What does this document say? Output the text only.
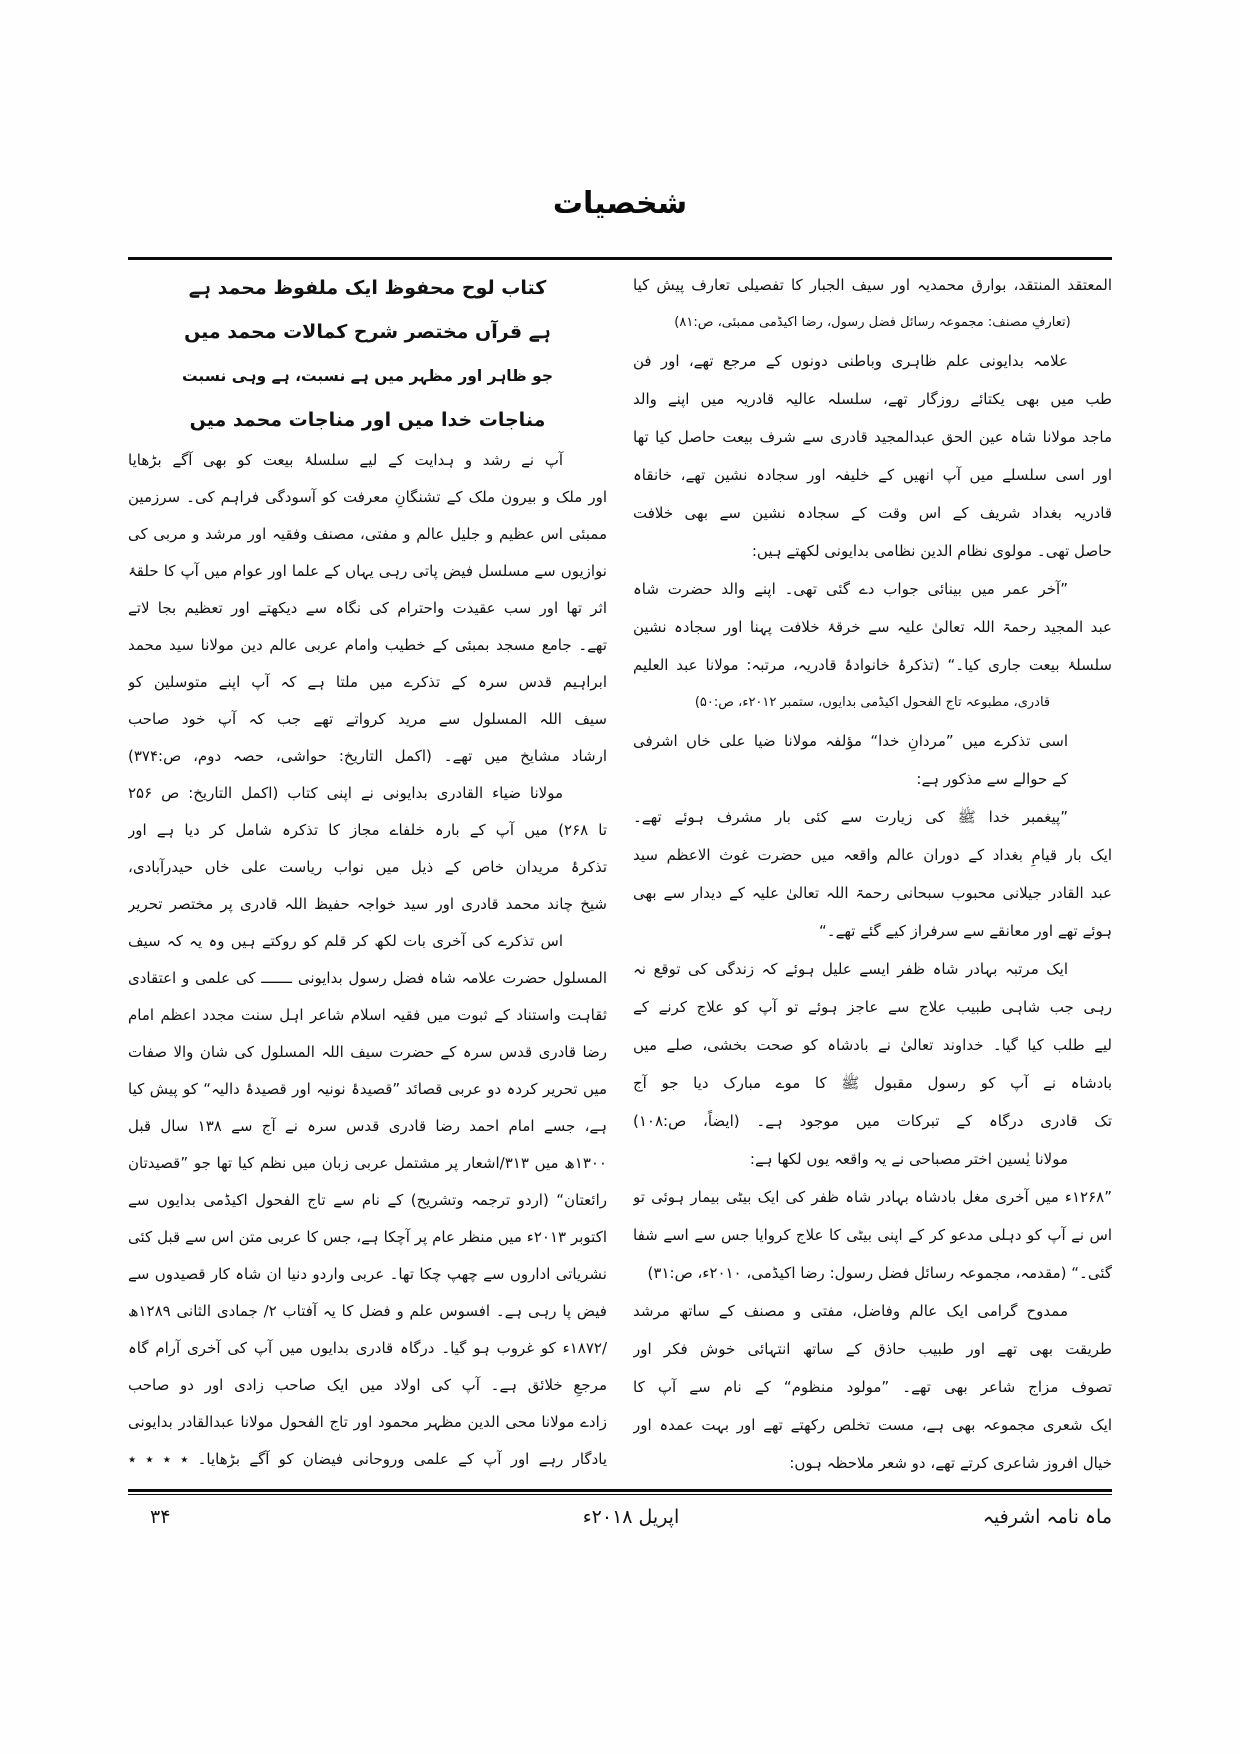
شخصیات
المعتقد المنتقد، بوارق محمدیہ اور سیف الجبار کا تفصیلی تعارف پیش کیا
(تعارفِ مصنف: مجموعہ رسائل فضل رسول، رضا اکیڈمی ممبئی، ص:۸۱)
علامہ بدایونی علم ظاہری وباطنی دونوں کے مرجع تھے، اور فن
طب میں بھی یکتائے روزگار تھے، سلسلہ عالیہ قادریہ میں اپنے والد
ماجد مولانا شاہ عین الحق عبدالمجید قادری سے شرف بیعت حاصل کیا تھا
اور اسی سلسلے میں آپ انھیں کے خلیفہ اور سجادہ نشین تھے، خانقاہ
قادریہ بغداد شریف کے اس وقت کے سجادہ نشین سے بھی خلافت
حاصل تھی۔ مولوی نظام الدین نظامی بدایونی لکھتے ہیں:
”آخر عمر میں بینائی جواب دے گئی تھی۔ اپنے والد حضرت شاہ
عبد المجید رحمۃ اللہ تعالیٰ علیہ سے خرقۂ خلافت پہنا اور سجادہ نشین
سلسلۂ بیعت جاری کیا۔“ (تذکرۂ خانوادۂ قادریہ، مرتبہ: مولانا عبد العلیم
قادری، مطبوعہ تاج الفحول اکیڈمی بدایوں، ستمبر ۲۰۱۲ء، ص:۵۰)
اسی تذکرے میں ”مردانِ خدا“ مؤلفہ مولانا ضیا علی خاں اشرفی
کے حوالے سے مذکور ہے:
”پیغمبر خدا ﷺ کی زیارت سے کئی بار مشرف ہوئے تھے۔
ایک بار قیامِ بغداد کے دوران عالم واقعہ میں حضرت غوث الاعظم سید
عبد القادر جیلانی محبوب سبحانی رحمۃ اللہ تعالیٰ علیہ کے دیدار سے بھی
ہوئے تھے اور معانقے سے سرفراز کیے گئے تھے۔“
ایک مرتبہ بہادر شاہ ظفر ایسے علیل ہوئے کہ زندگی کی توقع نہ
رہی جب شاہی طبیب علاج سے عاجز ہوئے تو آپ کو علاج کرنے کے
لیے طلب کیا گیا۔ خداوند تعالیٰ نے بادشاہ کو صحت بخشی، صلے میں
بادشاہ نے آپ کو رسول مقبول ﷺ کا موے مبارک دیا جو آج
تک قادری درگاہ کے تبرکات میں موجود ہے۔ (ایضاً، ص:۱۰۸)
مولانا یٰسین اختر مصباحی نے یہ واقعہ یوں لکھا ہے:
”۱۲۶۸ء میں آخری مغل بادشاہ بہادر شاہ ظفر کی ایک بیٹی بیمار ہوئی تو
اس نے آپ کو دہلی مدعو کر کے اپنی بیٹی کا علاج کروایا جس سے اسے شفا
گئی۔“ (مقدمہ، مجموعہ رسائل فضل رسول: رضا اکیڈمی، ۲۰۱۰ء، ص:۳۱)
ممدوح گرامی ایک عالم وفاضل، مفتی و مصنف کے ساتھ مرشد
طریقت بھی تھے اور طبیب حاذق کے ساتھ انتہائی خوش فکر اور
تصوف مزاج شاعر بھی تھے۔ ”مولود منظوم“ کے نام سے آپ کا
ایک شعری مجموعہ بھی ہے، مست تخلص رکھتے تھے اور بہت عمدہ اور
خیال افروز شاعری کرتے تھے، دو شعر ملاحظہ ہوں:
کتاب لوح محفوظ ایک ملفوظ محمد ہے
ہے قرآں مختصر شرح کمالات محمد میں
جو ظاہر اور مظہر میں ہے نسبت، ہے وہی نسبت
مناجات خدا میں اور مناجات محمد میں
آپ نے رشد و ہدایت کے لیے سلسلۂ بیعت کو بھی آگے بڑھایا
اور ملک و بیرون ملک کے تشنگانِ معرفت کو آسودگی فراہم کی۔ سرزمین
ممبئی اس عظیم و جلیل عالم و مفتی، مصنف وفقیہ اور مرشد و مربی کی
نوازیوں سے مسلسل فیض پاتی رہی یہاں کے علما اور عوام میں آپ کا حلقۂ
اثر تھا اور سب عقیدت واحترام کی نگاہ سے دیکھتے اور تعظیم بجا لاتے
تھے۔ جامع مسجد بمبئی کے خطیب وامام عربی عالم دین مولانا سید محمد
ابراہیم قدس سرہ کے تذکرے میں ملتا ہے کہ آپ اپنے متوسلین کو
سیف اللہ المسلول سے مرید کرواتے تھے جب کہ آپ خود صاحب
ارشاد مشایخ میں تھے۔ (اکمل التاریخ: حواشی، حصہ دوم، ص:۳۷۴)
مولانا ضیاء القادری بدایونی نے اپنی کتاب (اکمل التاریخ: ص ۲۵۶
تا ۲۶۸) میں آپ کے بارہ خلفاے مجاز کا تذکرہ شامل کر دیا ہے اور
تذکرۂ مریدان خاص کے ذیل میں نواب ریاست علی خاں حیدرآبادی،
شیخ چاند محمد قادری اور سید خواجہ حفیظ اللہ قادری پر مختصر تحریر
اس تذکرے کی آخری بات لکھ کر قلم کو روکتے ہیں وہ یہ کہ سیف
المسلول حضرت علامہ شاہ فضل رسول بدایونی ـــــــ کی علمی و اعتقادی
ثقاہت واستناد کے ثبوت میں فقیہ اسلام شاعر اہل سنت مجدد اعظم امام
رضا قادری قدس سرہ کے حضرت سیف اللہ المسلول کی شان والا صفات
میں تحریر کردہ دو عربی قصائد ”قصیدۂ نونیہ اور قصیدۂ دالیہ“ کو پیش کیا
ہے، جسے امام احمد رضا قادری قدس سرہ نے آج سے ۱۳۸ سال قبل
۱۳۰۰ھ میں ۳۱۳/اشعار پر مشتمل عربی زبان میں نظم کیا تھا جو ”قصیدتان
رائعتان“ (اردو ترجمہ وتشریح) کے نام سے تاج الفحول اکیڈمی بدایوں سے
اکتوبر ۲۰۱۳ء میں منظر عام پر آچکا ہے، جس کا عربی متن اس سے قبل کئی
نشریاتی اداروں سے چھپ چکا تھا۔ عربی واردو دنیا ان شاہ کار قصیدوں سے
فیض پا رہی ہے۔ افسوس علم و فضل کا یہ آفتاب ۲/ جمادی الثانی ۱۲۸۹ھ
/۱۸۷۲ء کو غروب ہو گیا۔ درگاہ قادری بدایوں میں آپ کی آخری آرام گاہ
مرجعِ خلائق ہے۔ آپ کی اولاد میں ایک صاحب زادی اور دو صاحب
زادے مولانا محی الدین مظہر محمود اور تاج الفحول مولانا عبدالقادر بدایونی
یادگار رہے اور آپ کے علمی وروحانی فیضان کو آگے بڑھایا۔ ٭ ٭ ٭ ٭
ماہ نامہ اشرفیہ
اپریل ۲۰۱۸ء
۳۴
